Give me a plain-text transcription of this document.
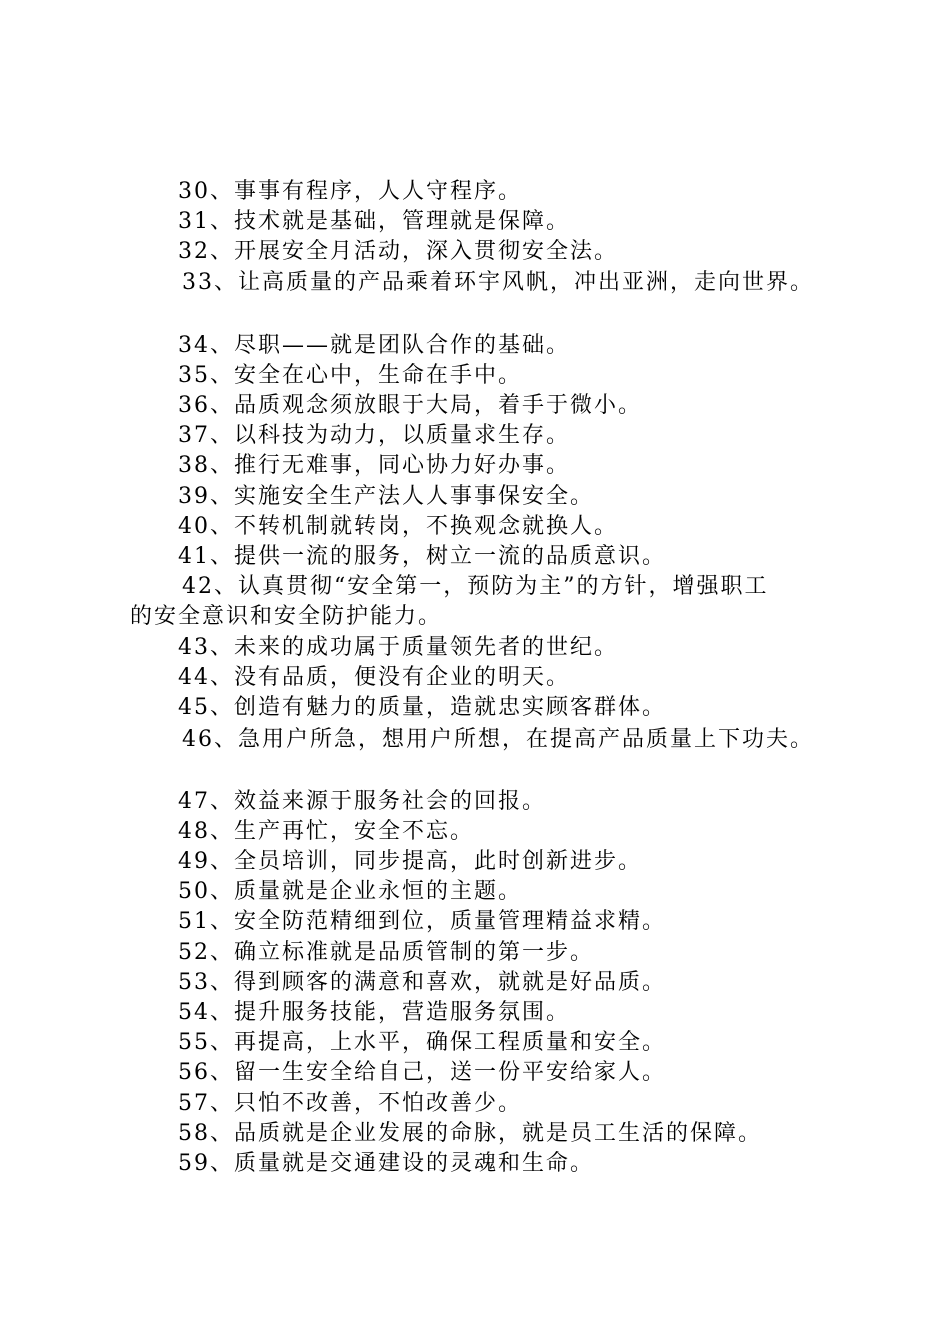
30、事事有程序，人人守程序。
31、技术就是基础，管理就是保障。
32、开展安全月活动，深入贯彻安全法。
33、让高质量的产品乘着环宇风帆，冲出亚洲，走向世界。
34、尽职——就是团队合作的基础。
35、安全在心中，生命在手中。
36、品质观念须放眼于大局，着手于微小。
37、以科技为动力，以质量求生存。
38、推行无难事，同心协力好办事。
39、实施安全生产法人人事事保安全。
40、不转机制就转岗，不换观念就换人。
41、提供一流的服务，树立一流的品质意识。
42、认真贯彻“安全第一，预防为主”的方针，增强职工
的安全意识和安全防护能力。
43、未来的成功属于质量领先者的世纪。
44、没有品质，便没有企业的明天。
45、创造有魅力的质量，造就忠实顾客群体。
46、急用户所急，想用户所想，在提高产品质量上下功夫。
47、效益来源于服务社会的回报。
48、生产再忙，安全不忘。
49、全员培训，同步提高，此时创新进步。
50、质量就是企业永恒的主题。
51、安全防范精细到位，质量管理精益求精。
52、确立标准就是品质管制的第一步。
53、得到顾客的满意和喜欢，就就是好品质。
54、提升服务技能，营造服务氛围。
55、再提高，上水平，确保工程质量和安全。
56、留一生安全给自己，送一份平安给家人。
57、只怕不改善，不怕改善少。
58、品质就是企业发展的命脉，就是员工生活的保障。
59、质量就是交通建设的灵魂和生命。
